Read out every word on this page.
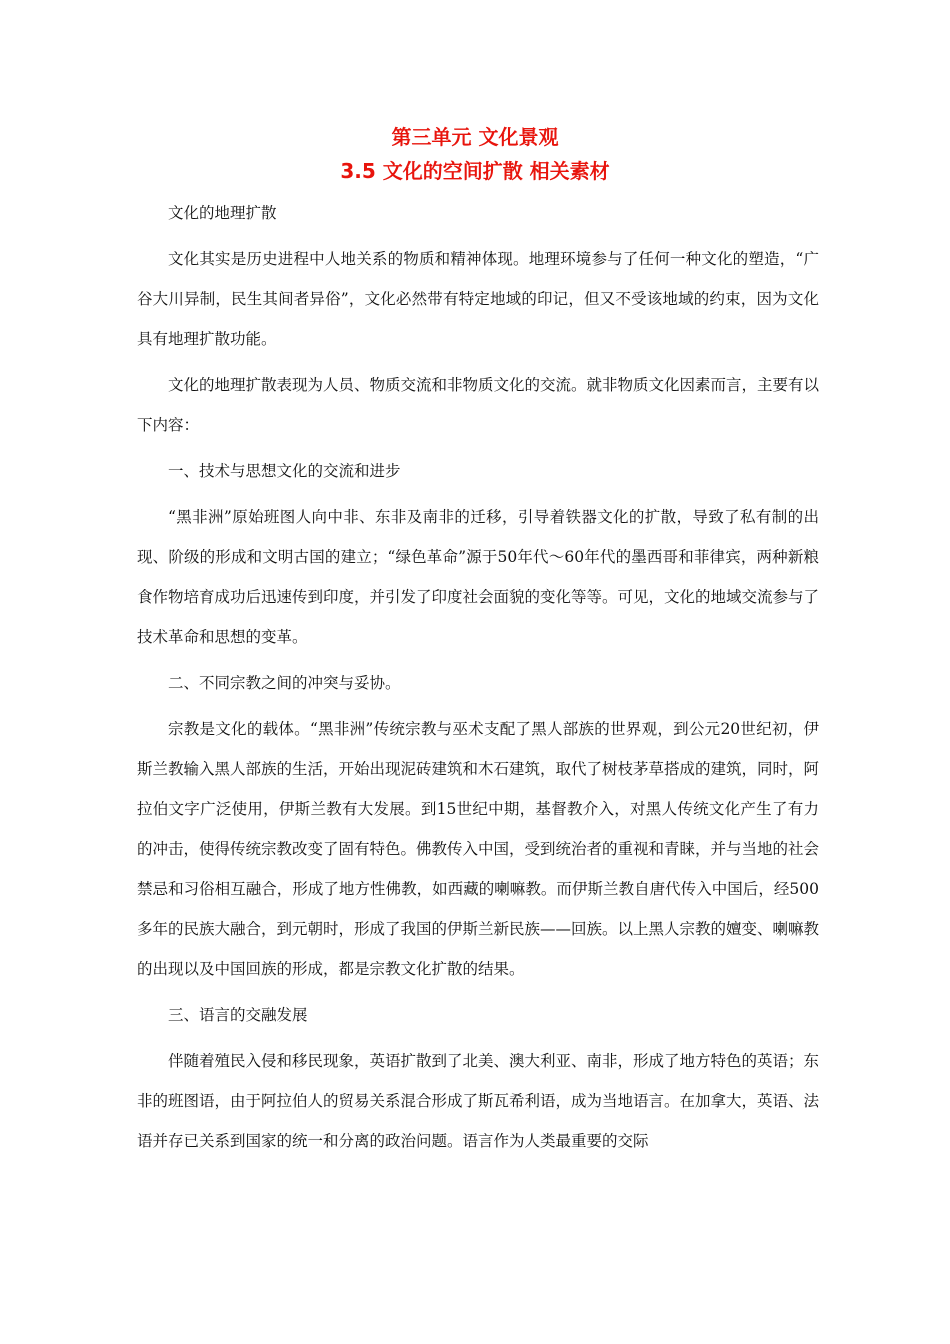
第三单元 文化景观
3.5 文化的空间扩散 相关素材

文化的地理扩散

文化其实是历史进程中人地关系的物质和精神体现。地理环境参与了任何一种文化的塑造，“广谷大川异制，民生其间者异俗”，文化必然带有特定地域的印记，但又不受该地域的约束，因为文化具有地理扩散功能。

文化的地理扩散表现为人员、物质交流和非物质文化的交流。就非物质文化因素而言，主要有以下内容：

一、技术与思想文化的交流和进步

“黑非洲”原始班图人向中非、东非及南非的迁移，引导着铁器文化的扩散，导致了私有制的出现、阶级的形成和文明古国的建立；“绿色革命”源于50年代～60年代的墨西哥和菲律宾，两种新粮食作物培育成功后迅速传到印度，并引发了印度社会面貌的变化等等。可见，文化的地域交流参与了技术革命和思想的变革。

二、不同宗教之间的冲突与妥协。

宗教是文化的载体。“黑非洲”传统宗教与巫术支配了黑人部族的世界观，到公元20世纪初，伊斯兰教输入黑人部族的生活，开始出现泥砖建筑和木石建筑，取代了树枝茅草搭成的建筑，同时，阿拉伯文字广泛使用，伊斯兰教有大发展。到15世纪中期，基督教介入，对黑人传统文化产生了有力的冲击，使得传统宗教改变了固有特色。佛教传入中国，受到统治者的重视和青睐，并与当地的社会禁忌和习俗相互融合，形成了地方性佛教，如西藏的喇嘛教。而伊斯兰教自唐代传入中国后，经500多年的民族大融合，到元朝时，形成了我国的伊斯兰新民族——回族。以上黑人宗教的嬗变、喇嘛教的出现以及中国回族的形成，都是宗教文化扩散的结果。

三、语言的交融发展

伴随着殖民入侵和移民现象，英语扩散到了北美、澳大利亚、南非，形成了地方特色的英语；东非的班图语，由于阿拉伯人的贸易关系混合形成了斯瓦希利语，成为当地语言。在加拿大，英语、法语并存已关系到国家的统一和分离的政治问题。语言作为人类最重要的交际
